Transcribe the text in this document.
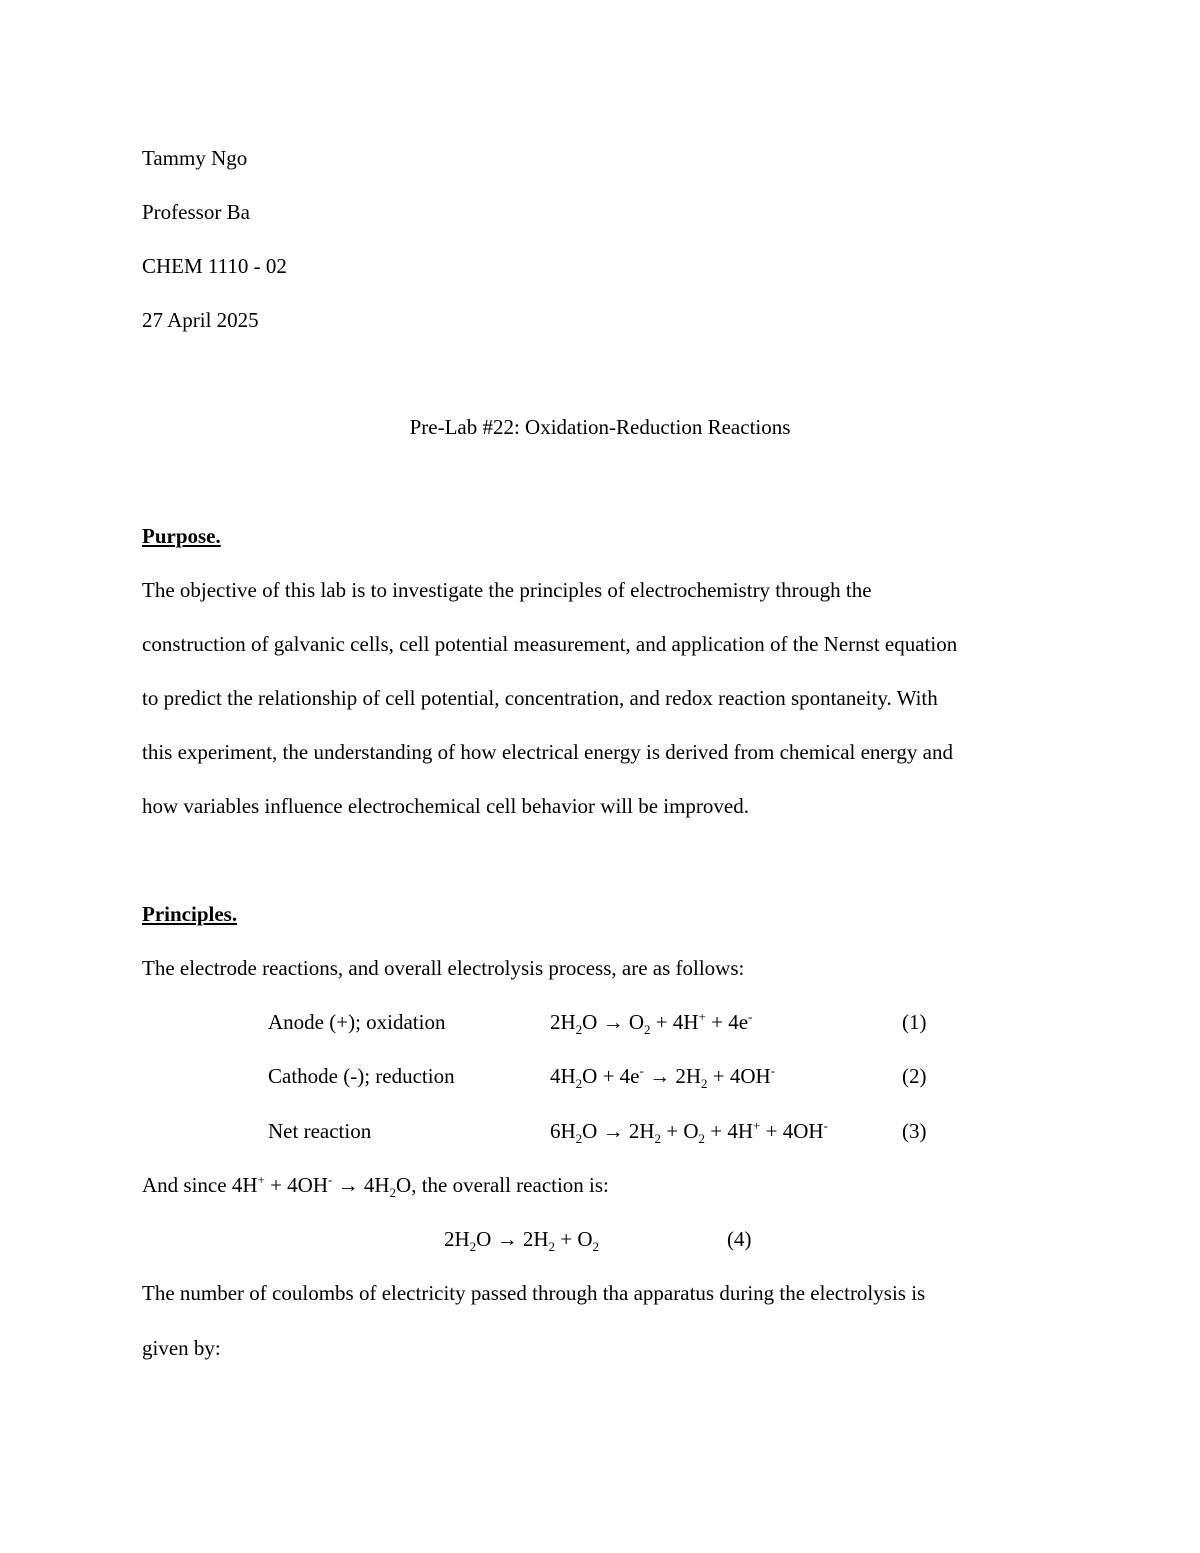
Tammy Ngo
Professor Ba
CHEM 1110 - 02
27 April 2025
Pre-Lab #22: Oxidation-Reduction Reactions
Purpose.
The objective of this lab is to investigate the principles of electrochemistry through the
construction of galvanic cells, cell potential measurement, and application of the Nernst equation
to predict the relationship of cell potential, concentration, and redox reaction spontaneity. With
this experiment, the understanding of how electrical energy is derived from chemical energy and
how variables influence electrochemical cell behavior will be improved.
Principles.
The electrode reactions, and overall electrolysis process, are as follows:
Anode (+); oxidation	$2H_2O \to O_2 + 4H^+ + 4e^-$	(1)
Cathode (-); reduction	$4H_2O + 4e^- \to 2H_2 + 4OH^-$	(2)
Net reaction	$6H_2O \to 2H_2 + O_2 + 4H^+ + 4OH^-$	(3)
And since $4H^+ + 4OH^- \to 4H_2O$, the overall reaction is:
$2H_2O \to 2H_2 + O_2$	(4)
The number of coulombs of electricity passed through tha apparatus during the electrolysis is
given by:
